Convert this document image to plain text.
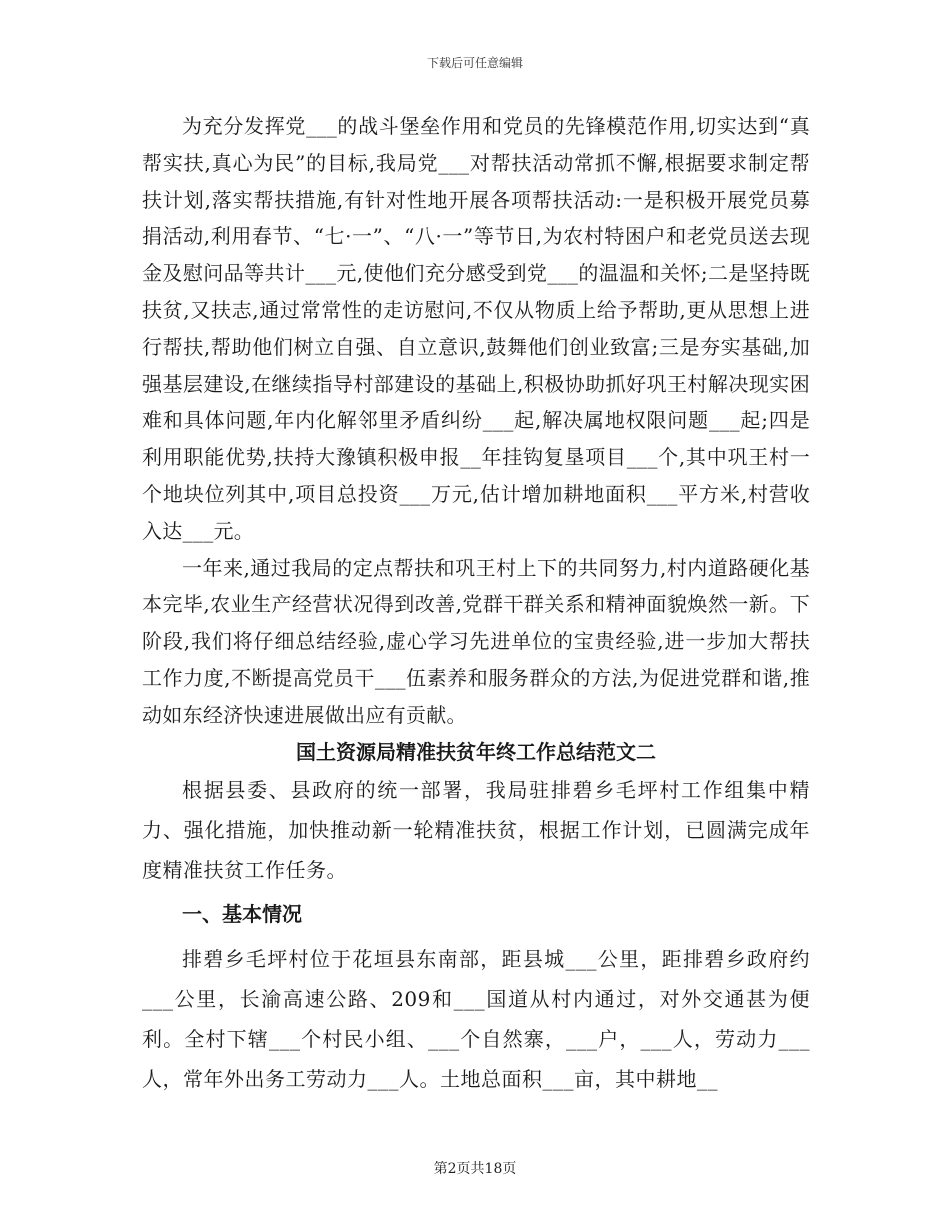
下载后可任意编辑

为充分发挥党___的战斗堡垒作用和党员的先锋模范作用,切实达到“真帮实扶,真心为民”的目标,我局党___对帮扶活动常抓不懈,根据要求制定帮扶计划,落实帮扶措施,有针对性地开展各项帮扶活动:一是积极开展党员募捐活动,利用春节、“七·一”、“八·一”等节日,为农村特困户和老党员送去现金及慰问品等共计___元,使他们充分感受到党___的温温和关怀;二是坚持既扶贫,又扶志,通过常常性的走访慰问,不仅从物质上给予帮助,更从思想上进行帮扶,帮助他们树立自强、自立意识,鼓舞他们创业致富;三是夯实基础,加强基层建设,在继续指导村部建设的基础上,积极协助抓好巩王村解决现实困难和具体问题,年内化解邻里矛盾纠纷___起,解决属地权限问题___起;四是利用职能优势,扶持大豫镇积极申报__年挂钩复垦项目___个,其中巩王村一个地块位列其中,项目总投资___万元,估计增加耕地面积___平方米,村营收入达___元。

一年来,通过我局的定点帮扶和巩王村上下的共同努力,村内道路硬化基本完毕,农业生产经营状况得到改善,党群干群关系和精神面貌焕然一新。下阶段,我们将仔细总结经验,虚心学习先进单位的宝贵经验,进一步加大帮扶工作力度,不断提高党员干___伍素养和服务群众的方法,为促进党群和谐,推动如东经济快速进展做出应有贡献。

国土资源局精准扶贫年终工作总结范文二

根据县委、县政府的统一部署，我局驻排碧乡毛坪村工作组集中精力、强化措施，加快推动新一轮精准扶贫，根据工作计划，已圆满完成年度精准扶贫工作任务。

一、基本情况

排碧乡毛坪村位于花垣县东南部，距县城___公里，距排碧乡政府约___公里，长渝高速公路、209和___国道从村内通过，对外交通甚为便利。全村下辖___个村民小组、___个自然寨，___户，___人，劳动力___人，常年外出务工劳动力___人。土地总面积___亩，其中耕地__

第2页共18页
